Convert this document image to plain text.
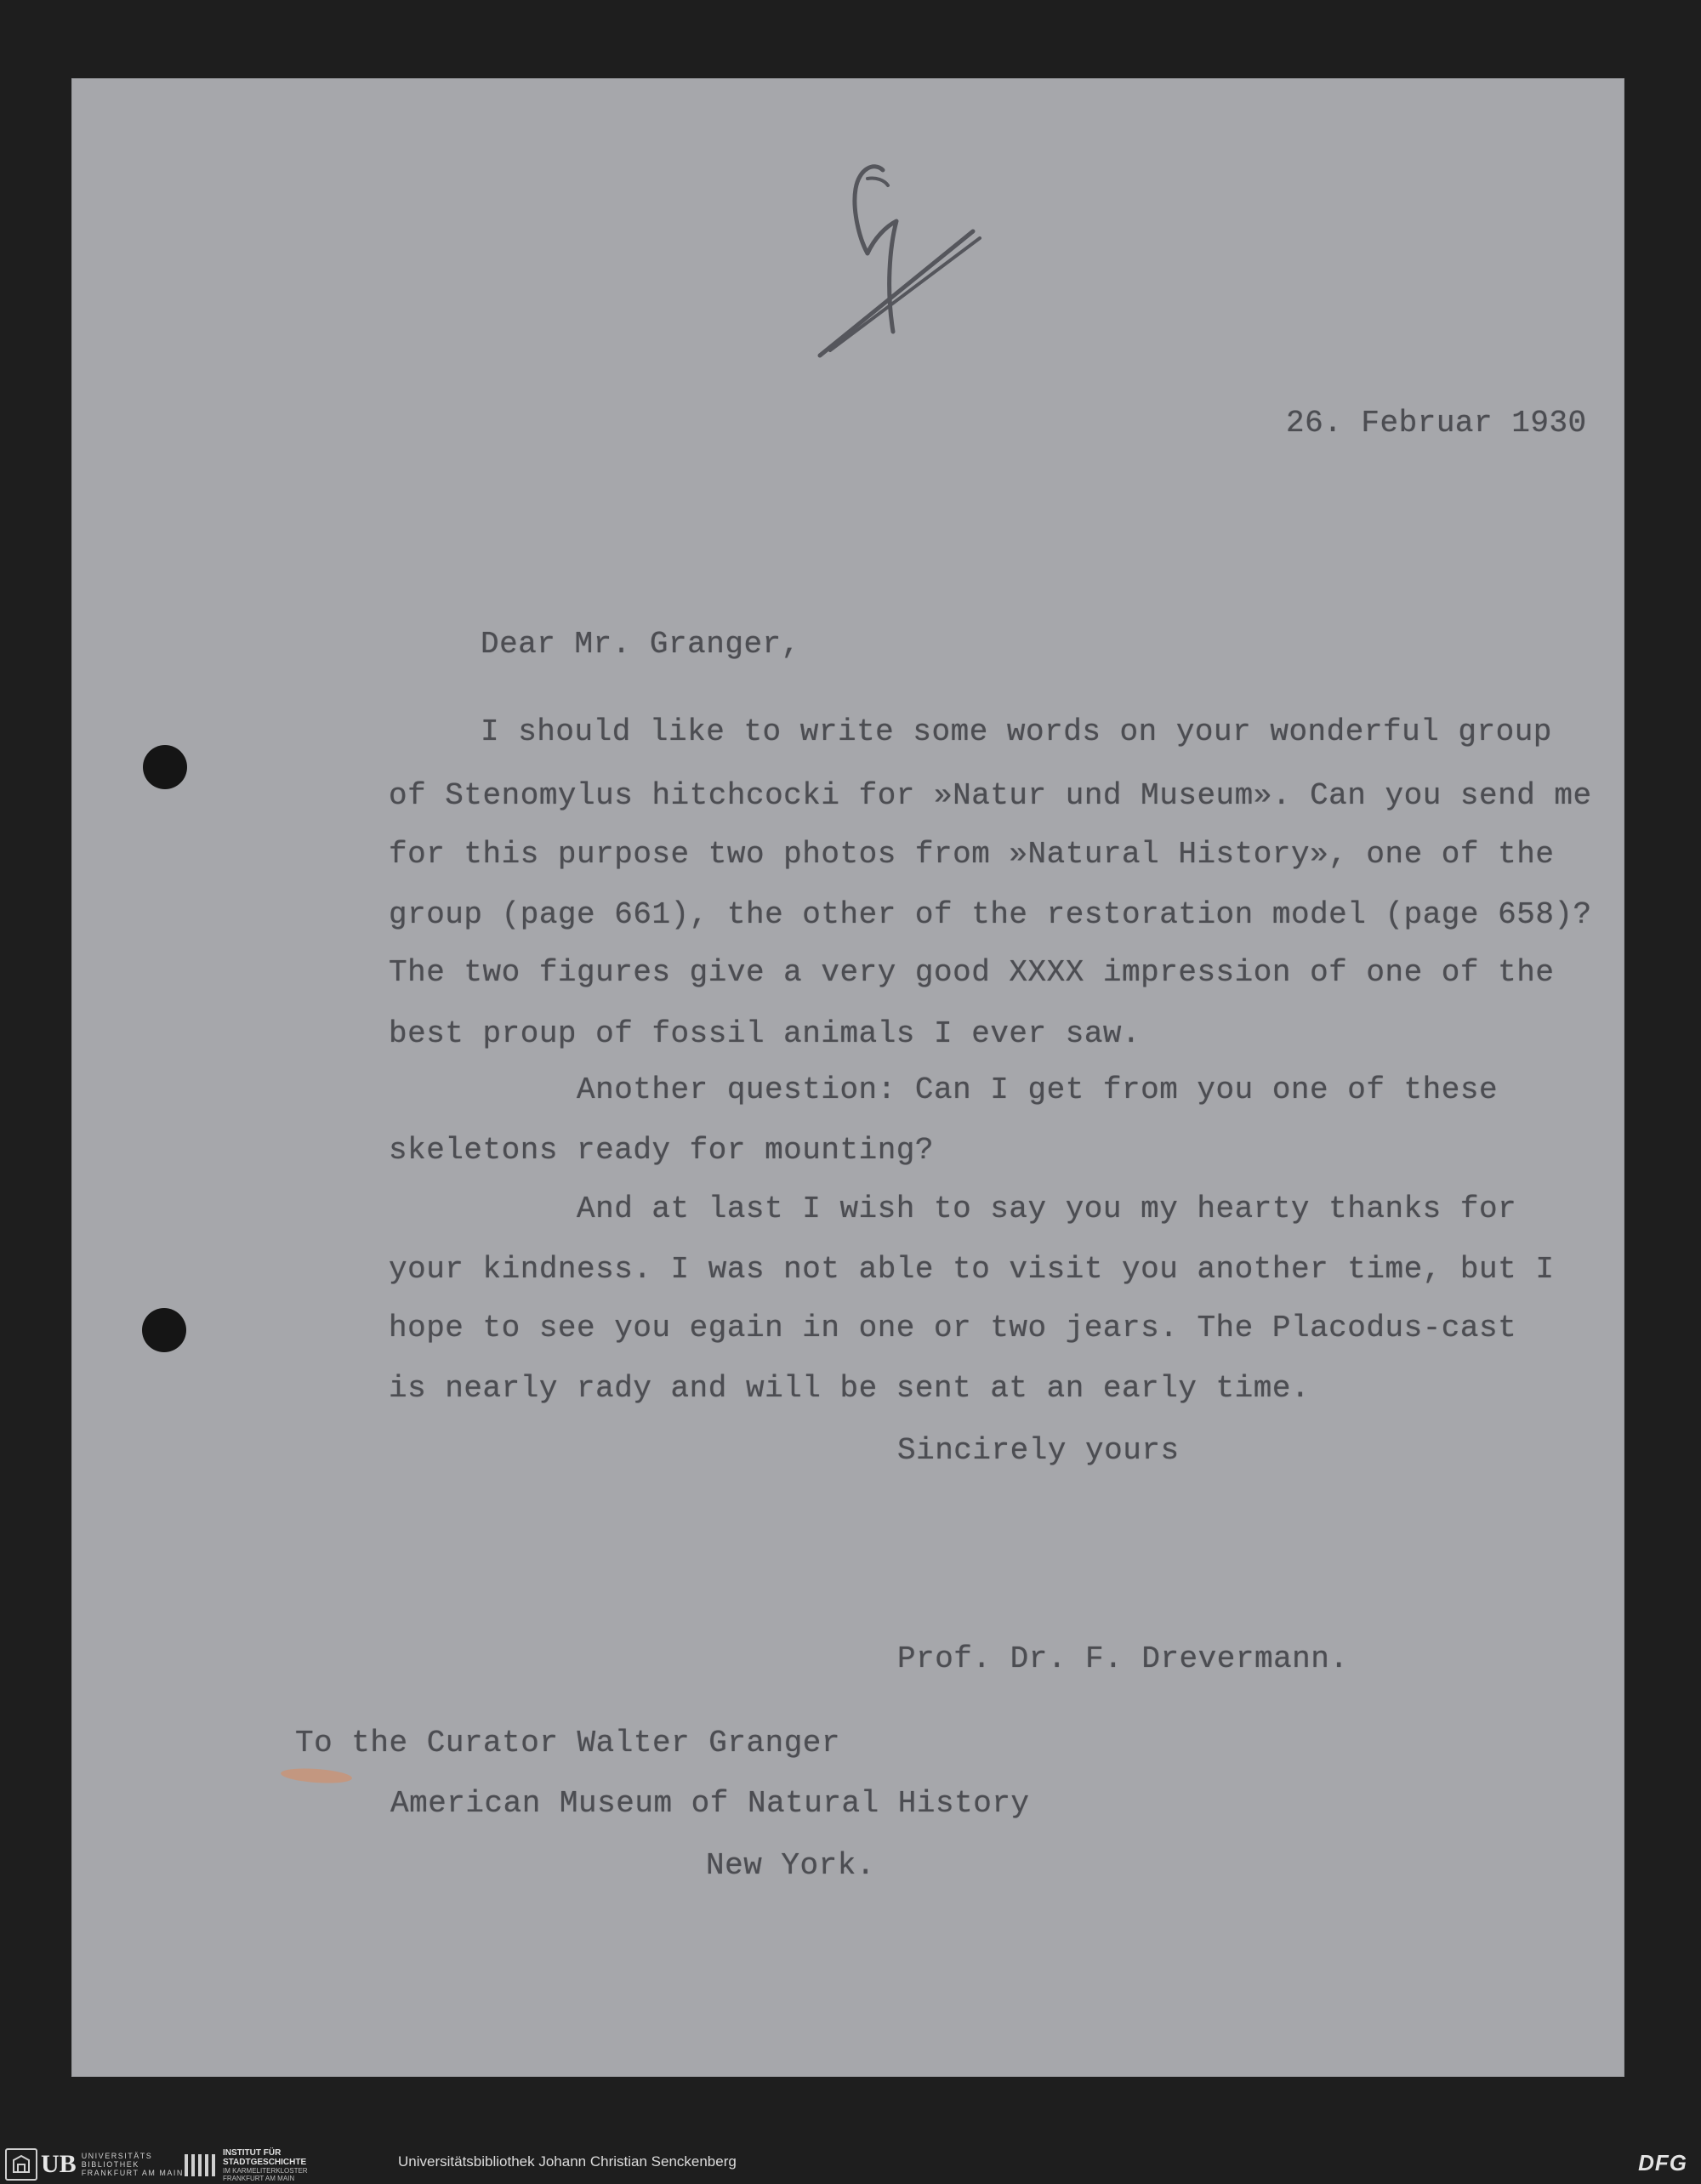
26. Februar 1930
Dear Mr. Granger,
I should like to write some words on your wonderful group
of Stenomylus hitchcocki for »Natur und Museum». Can you send me
for this purpose two photos from »Natural History», one of the
group (page 661), the other of the restoration model (page 658)?
The two figures give a very good XXXX impression of one of the
best proup of fossil animals I ever saw.
Another question: Can I get from you one of these
skeletons ready for mounting?
And at last I wish to say you my hearty thanks for
your kindness. I was not able to visit you another time, but I
hope to see you egain in one or two jears. The Placodus-cast
is nearly rady and will be sent at an early time.
Sincirely yours
Prof. Dr. F. Drevermann.
To the Curator Walter Granger
American Museum of Natural History
New York.
UB UNIVERSITÄTS
BIBLIOTHEK
FRANKFURT AM MAIN
INSTITUT FÜR
STADTGESCHICHTE
IM KARMELITERKLOSTER
FRANKFURT AM MAIN
Universitätsbibliothek Johann Christian Senckenberg	DFG
